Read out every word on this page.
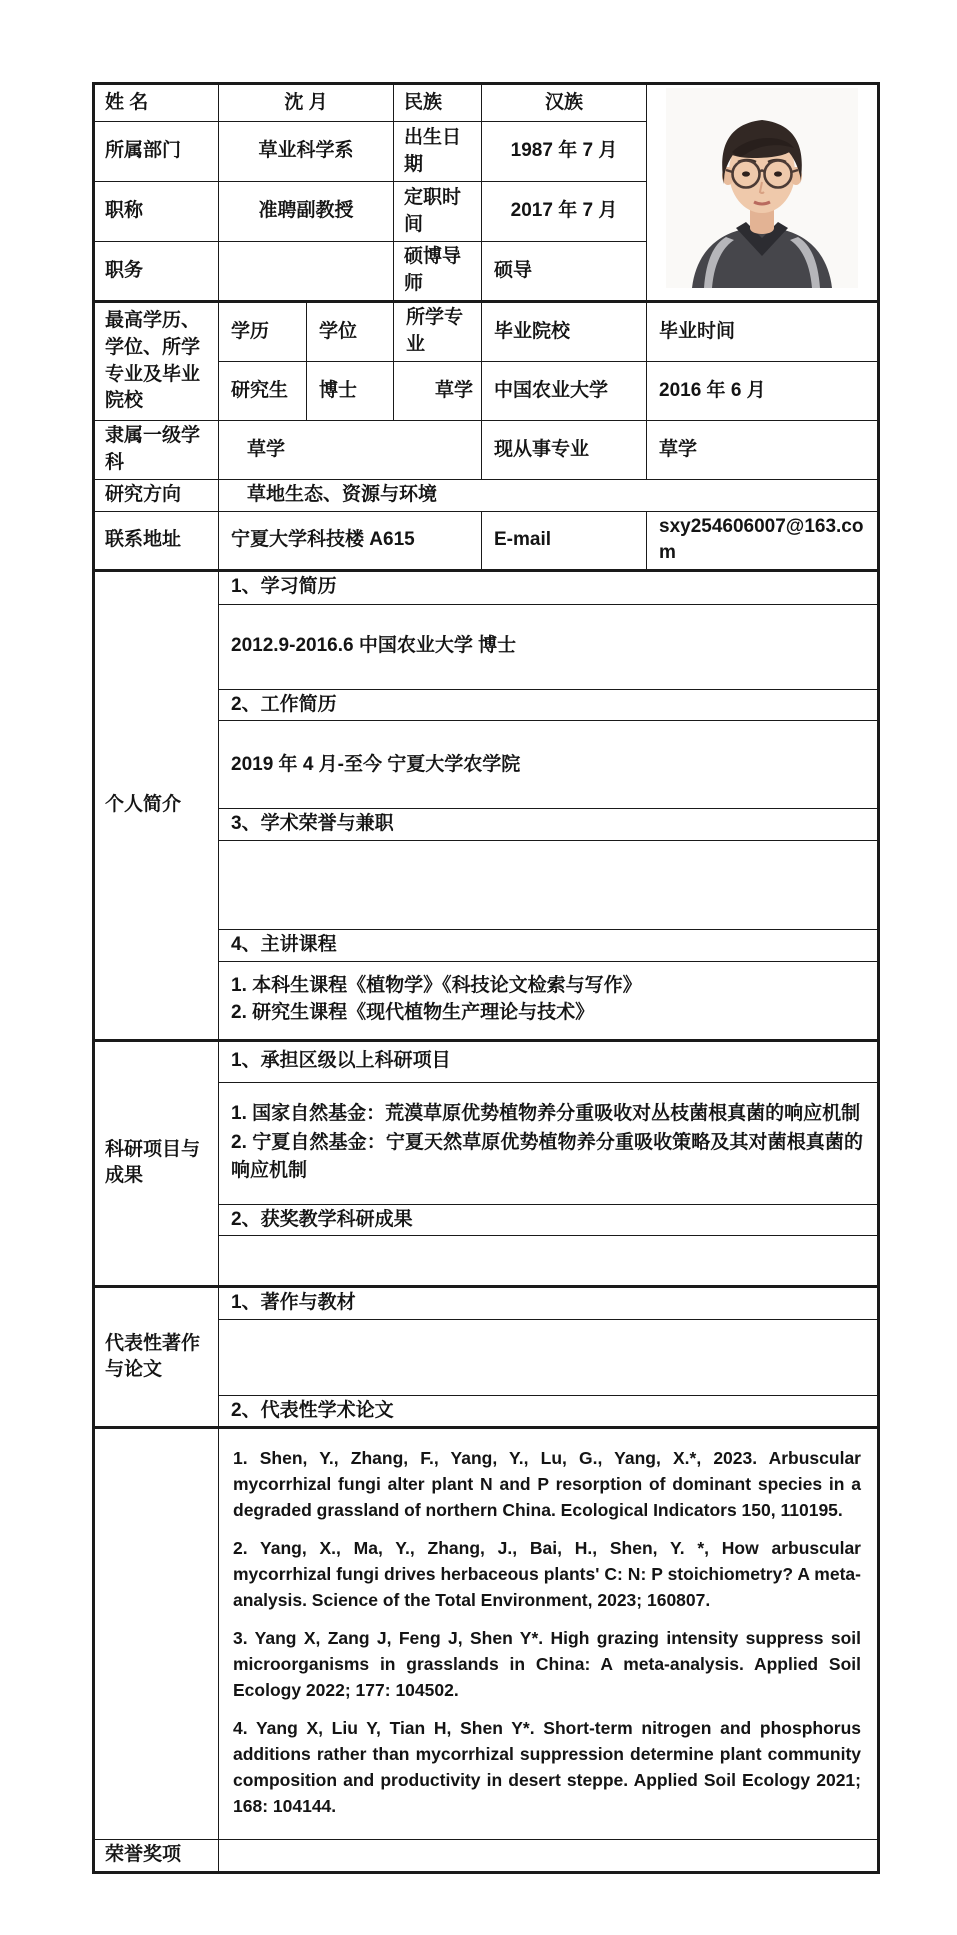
姓 名	沈 月		民族	汉族	
所属部门	草业科学系		出生日期	1987 年 7 月	
职称	准聘副教授		定职时间	2017 年 7 月	
职务			硕博导师	硕导	
最高学历、学位、所学专业及毕业院校	学历	学位	所学专业	毕业院校	毕业时间
	研究生	博士	草学	中国农业大学	2016 年 6 月
隶属一级学科	草学			现从事专业	草学
研究方向	草地生态、资源与环境				
联系地址	宁夏大学科技楼 A615			E-mail	sxy254606007@163.com
个人简介	1、学习简历				
	2012.9-2016.6 中国农业大学 博士				
	2、工作简历				
	2019 年 4 月-至今 宁夏大学农学院				
	3、学术荣誉与兼职				

	4、主讲课程				

	1. 本科生课程《植物学》《科技论文检索与写作》
2. 研究生课程《现代植物生产理论与技术》				

科研项目与成果	1、承担区级以上科研项目				

	1. 国家自然基金：荒漠草原优势植物养分重吸收对丛枝菌根真菌的响应机制
2. 宁夏自然基金：宁夏天然草原优势植物养分重吸收策略及其对菌根真菌的响应机制				

	2、获奖教学科研成果				

代表性著作与论文	1、著作与教材				

	2、代表性学术论文				

	1. Shen, Y., Zhang, F., Yang, Y., Lu, G., Yang, X.*, 2023. Arbuscular mycorrhizal fungi alter plant N and P resorption of dominant species in a degraded grassland of northern China. Ecological Indicators 150, 110195.

2. Yang, X., Ma, Y., Zhang, J., Bai, H., Shen, Y. *, How arbuscular mycorrhizal fungi drives herbaceous plants' C: N: P stoichiometry? A meta-analysis. Science of the Total Environment, 2023; 160807.

3. Yang X, Zang J, Feng J, Shen Y*. High grazing intensity suppress soil microorganisms in grasslands in China: A meta-analysis. Applied Soil Ecology 2022; 177: 104502.

4. Yang X, Liu Y, Tian H, Shen Y*. Short-term nitrogen and phosphorus additions rather than mycorrhizal suppression determine plant community composition and productivity in desert steppe. Applied Soil Ecology 2021; 168: 104144.				

荣誉奖项					
